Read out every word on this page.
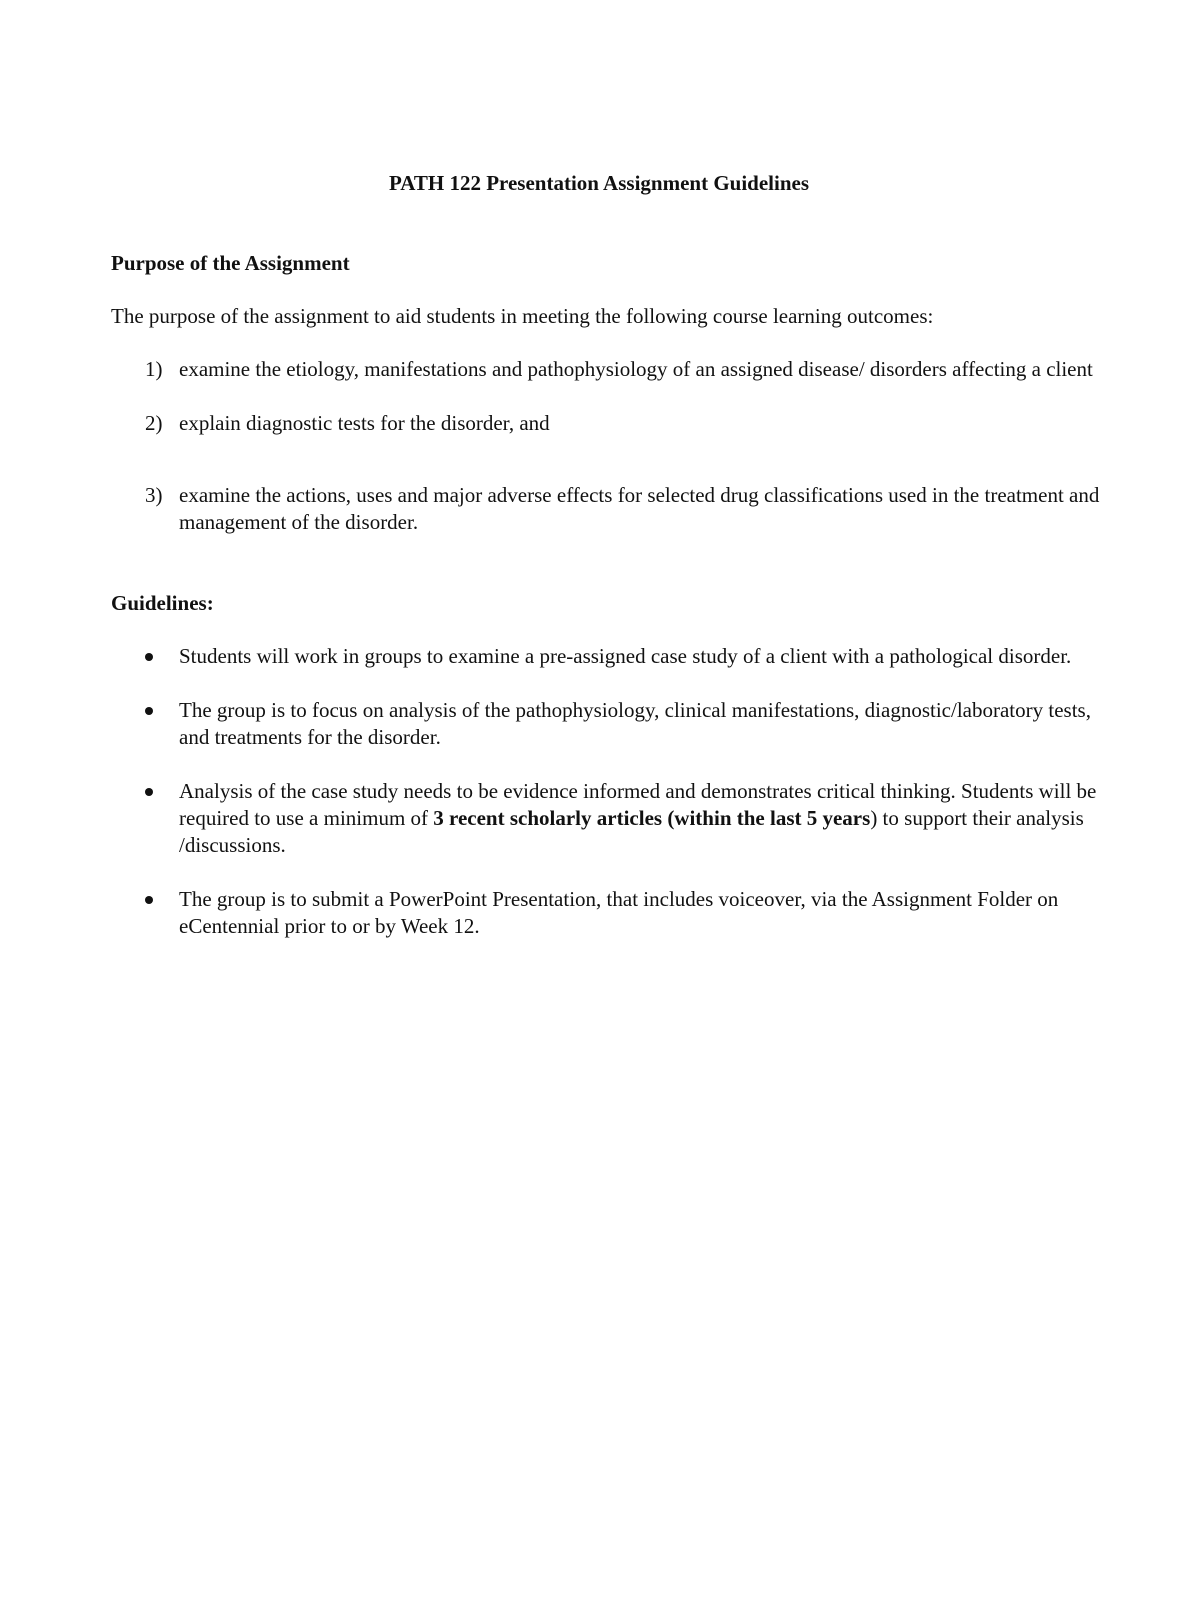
PATH 122 Presentation Assignment Guidelines

Purpose of the Assignment

The purpose of the assignment to aid students in meeting the following course learning outcomes:

1) examine the etiology, manifestations and pathophysiology of an assigned disease/ disorders affecting a client
2) explain diagnostic tests for the disorder, and
3) examine the actions, uses and major adverse effects for selected drug classifications used in the treatment and management of the disorder.

Guidelines:

Students will work in groups to examine a pre-assigned case study of a client with a pathological disorder.
The group is to focus on analysis of the pathophysiology, clinical manifestations, diagnostic/laboratory tests, and treatments for the disorder.
Analysis of the case study needs to be evidence informed and demonstrates critical thinking. Students will be required to use a minimum of 3 recent scholarly articles (within the last 5 years) to support their analysis /discussions.
The group is to submit a PowerPoint Presentation, that includes voiceover, via the Assignment Folder on eCentennial prior to or by Week 12.
